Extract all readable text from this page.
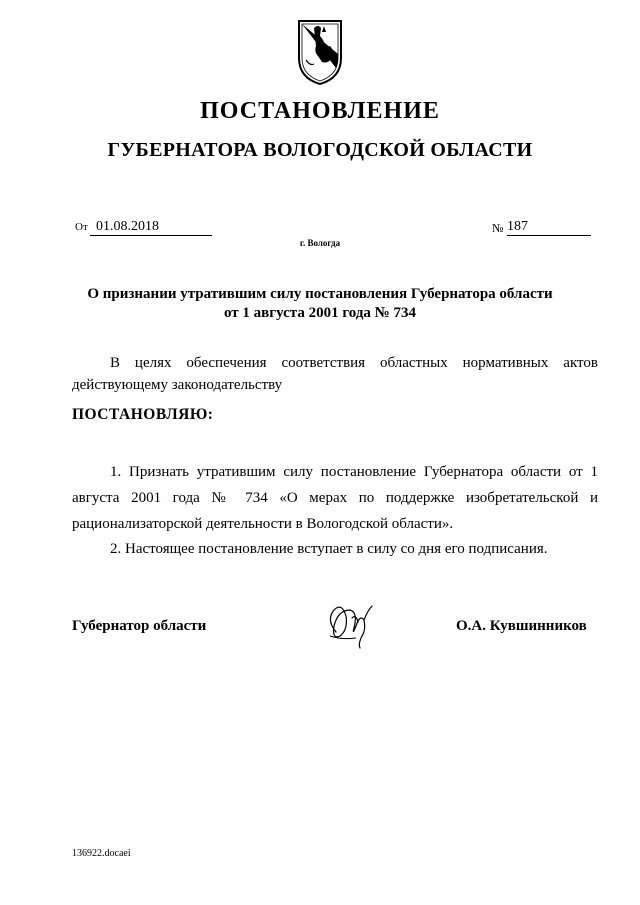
ПОСТАНОВЛЕНИЕ
ГУБЕРНАТОРА ВОЛОГОДСКОЙ ОБЛАСТИ
От 01.08.2018	№ 187
г. Вологда
О признании утратившим силу постановления Губернатора области
от 1 августа 2001 года № 734

В целях обеспечения соответствия областных нормативных актов действующему законодательству

ПОСТАНОВЛЯЮ:

1. Признать утратившим силу постановление Губернатора области от 1 августа 2001 года № 734 «О мерах по поддержке изобретательской и рационализаторской деятельности в Вологодской области».

2. Настоящее постановление вступает в силу со дня его подписания.

Губернатор области	О.А. Кувшинников
136922.docaei
